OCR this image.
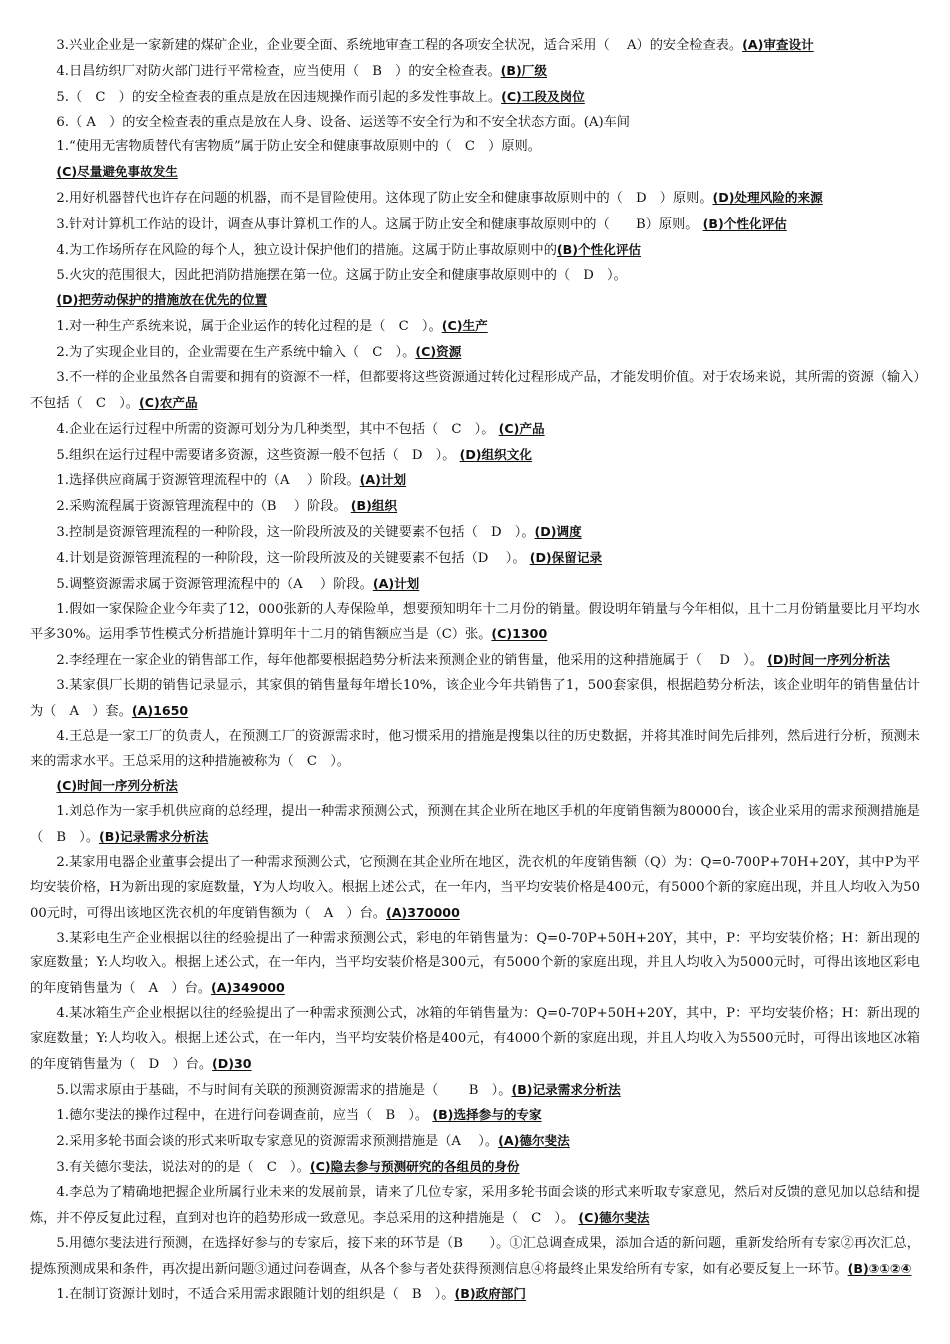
3.兴业企业是一家新建的煤矿企业，企业要全面、系统地审查工程的各项安全状况，适合采用（　 A）的安全检查表。(A)审查设计

4.日昌纺织厂对防火部门进行平常检查，应当使用（　B　）的安全检查表。(B)厂级

5.（　C　）的安全检查表的重点是放在因违规操作而引起的多发性事故上。(C)工段及岗位

6.（ A　）的安全检查表的重点是放在人身、设备、运送等不安全行为和不安全状态方面。(A)车间

1.“使用无害物质替代有害物质”属于防止安全和健康事故原则中的（　C　）原则。

(C)尽量避免事故发生

2.用好机器替代也许存在问题的机器，而不是冒险使用。这体现了防止安全和健康事故原则中的（　D　）原则。(D)处理风险的来源

3.针对计算机工作站的设计，调查从事计算机工作的人。这属于防止安全和健康事故原则中的（　　B）原则。 (B)个性化评估

4.为工作场所存在风险的每个人，独立设计保护他们的措施。这属于防止事故原则中的(B)个性化评估

5.火灾的范围很大，因此把消防措施摆在第一位。这属于防止安全和健康事故原则中的（　D　）。

(D)把劳动保护的措施放在优先的位置

1.对一种生产系统来说，属于企业运作的转化过程的是（　C　）。(C)生产

2.为了实现企业目的，企业需要在生产系统中输入（　C　）。(C)资源

3.不一样的企业虽然各自需要和拥有的资源不一样，但都要将这些资源通过转化过程形成产品，才能发明价值。对于农场来说，其所需的资源（输入）不包括（　C　）。(C)农产品

4.企业在运行过程中所需的资源可划分为几种类型，其中不包括（　C　）。 (C)产品

5.组织在运行过程中需要诸多资源，这些资源一般不包括（　D　）。 (D)组织文化

1.选择供应商属于资源管理流程中的（A　 ）阶段。(A)计划

2.采购流程属于资源管理流程中的（B　 ）阶段。 (B)组织

3.控制是资源管理流程的一种阶段，这一阶段所波及的关键要素不包括（　D　）。(D)调度

4.计划是资源管理流程的一种阶段，这一阶段所波及的关键要素不包括（D　 ）。 (D)保留记录

5.调整资源需求属于资源管理流程中的（A　 ）阶段。(A)计划

1.假如一家保险企业今年卖了12，000张新的人寿保险单，想要预知明年十二月份的销量。假设明年销量与今年相似，且十二月份销量要比月平均水平多30%。运用季节性模式分析措施计算明年十二月的销售额应当是（C）张。(C)1300

2.李经理在一家企业的销售部工作，每年他都要根据趋势分析法来预测企业的销售量，他采用的这种措施属于（　 D　）。 (D)时间一序列分析法

3.某家俱厂长期的销售记录显示，其家俱的销售量每年增长10%，该企业今年共销售了1，500套家俱，根据趋势分析法，该企业明年的销售量估计为（　A　）套。(A)1650

4.王总是一家工厂的负责人，在预测工厂的资源需求时，他习惯采用的措施是搜集以往的历史数据，并将其准时间先后排列，然后进行分析，预测未来的需求水平。王总采用的这种措施被称为（　C　）。

(C)时间一序列分析法

1.刘总作为一家手机供应商的总经理，提出一种需求预测公式，预测在其企业所在地区手机的年度销售额为80000台，该企业采用的需求预测措施是（　B　）。(B)记录需求分析法

2.某家用电器企业董事会提出了一种需求预测公式，它预测在其企业所在地区，洗衣机的年度销售额（Q）为：Q=0-700P+70H+20Y，其中P为平均安装价格，H为新出现的家庭数量，Y为人均收入。根据上述公式，在一年内，当平均安装价格是400元，有5000个新的家庭出现，并且人均收入为5000元时，可得出该地区洗衣机的年度销售额为（　A　）台。(A)370000

3.某彩电生产企业根据以往的经验提出了一种需求预测公式，彩电的年销售量为：Q=0-70P+50H+20Y，其中，P：平均安装价格；H：新出现的家庭数量；Y:人均收入。根据上述公式，在一年内，当平均安装价格是300元，有5000个新的家庭出现，并且人均收入为5000元时，可得出该地区彩电的年度销售量为（　A　）台。(A)349000

4.某冰箱生产企业根据以往的经验提出了一种需求预测公式，冰箱的年销售量为：Q=0-70P+50H+20Y，其中，P：平均安装价格；H：新出现的家庭数量；Y:人均收入。根据上述公式，在一年内，当平均安装价格是400元，有4000个新的家庭出现，并且人均收入为5500元时，可得出该地区冰箱的年度销售量为（　D　）台。(D)30

5.以需求原由于基础，不与时间有关联的预测资源需求的措施是（　　 B　）。(B)记录需求分析法

1.德尔斐法的操作过程中，在进行问卷调查前，应当（　B　）。 (B)选择参与的专家

2.采用多轮书面会谈的形式来听取专家意见的资源需求预测措施是（A　 ）。(A)德尔斐法

3.有关德尔斐法，说法对的的是（　C　）。(C)隐去参与预测研究的各组员的身份

4.李总为了精确地把握企业所属行业未来的发展前景，请来了几位专家，采用多轮书面会谈的形式来听取专家意见，然后对反馈的意见加以总结和提炼，并不停反复此过程，直到对也许的趋势形成一致意见。李总采用的这种措施是（　C　）。 (C)德尔斐法

5.用德尔斐法进行预测，在选择好参与的专家后，接下来的环节是（B　　）。①汇总调查成果，添加合适的新问题，重新发给所有专家②再次汇总，提炼预测成果和条件，再次提出新问题③通过问卷调查，从各个参与者处获得预测信息④将最终止果发给所有专家，如有必要反复上一环节。(B)③①②④

1.在制订资源计划时，不适合采用需求跟随计划的组织是（　B　）。(B)政府部门
